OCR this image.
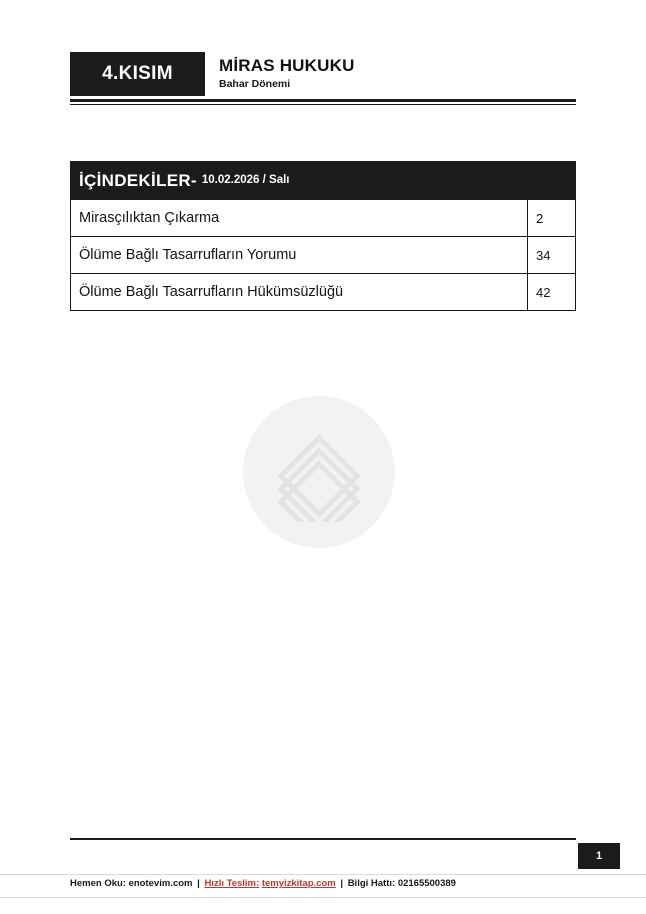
4.KISIM	MİRAS HUKUKU
Bahar Dönemi
İÇİNDEKİLER- 10.02.2026 / Salı
Mirasçılıktan Çıkarma	2
Ölüme Bağlı Tasarrufların Yorumu	34
Ölüme Bağlı Tasarrufların Hükümsüzlüğü	42
1
Hemen Oku: enotevim.com | Hızlı Teslim: temyizkitap.com | Bilgi Hattı: 02165500389
